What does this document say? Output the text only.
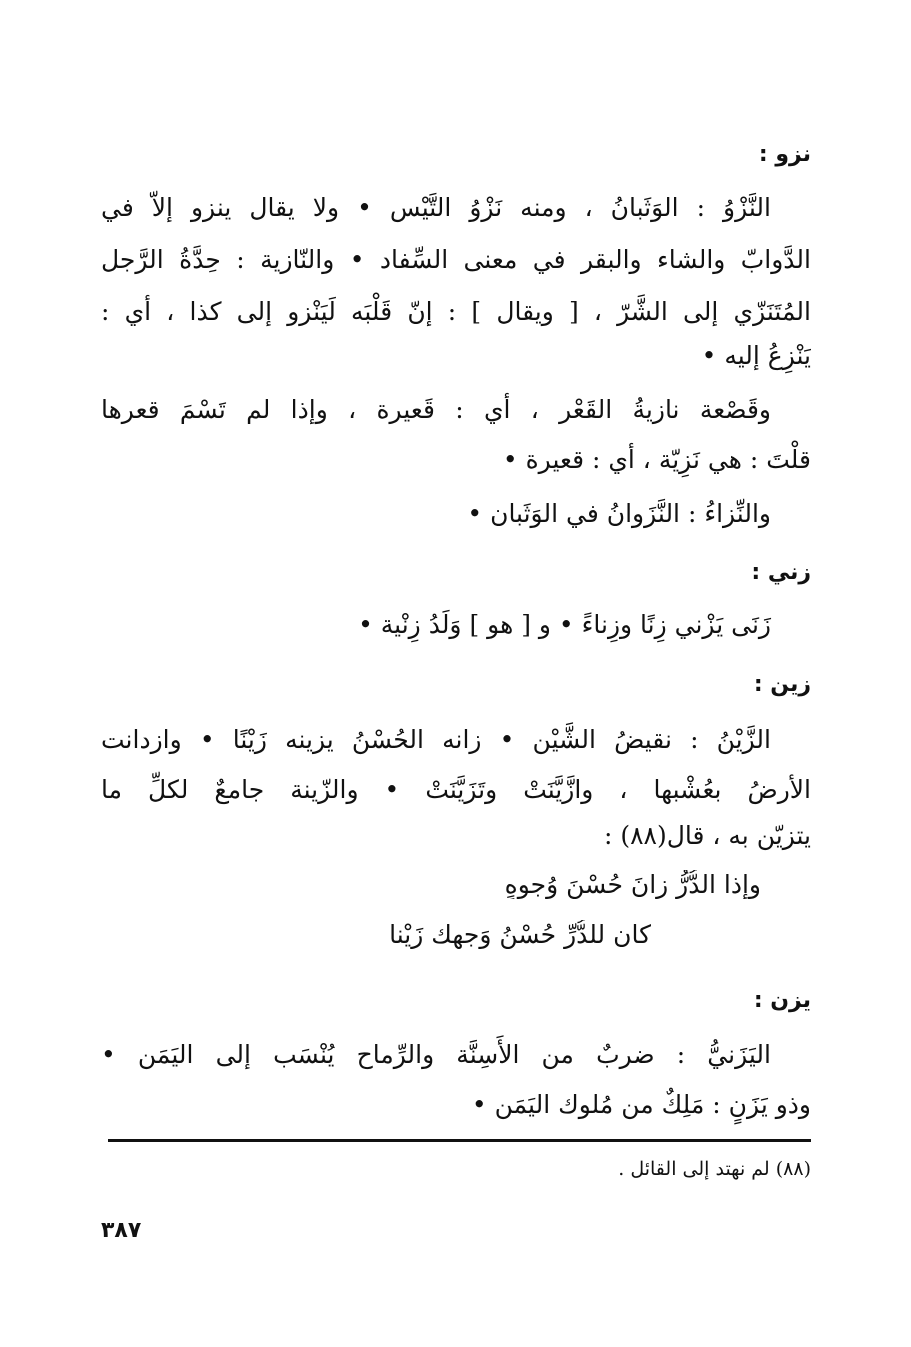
نزو :
النَّزْوُ : الوَثَبانُ ، ومنه نَزْوُ التَّيْس • ولا يقال ينزو إلاّ في
الدَّوابّ والشاء والبقر في معنى السِّفاد • والنّازية : حِدَّةُ الرَّجل
المُتَنَزّي إلى الشَّرّ ، [ ويقال ] : إنّ قَلْبَه لَيَنْزو إلى كذا ، أي :
يَنْزِعُ إليه •
وقَصْعة نازيةُ القَعْر ، أي : قَعيرة ، وإذا لم تَسْمَ قعرها
قلْتَ : هي نَزِيّة ، أي : قعيرة •
والنِّزاءُ : النَّزَوانُ في الوَثَبان •
زني :
زَنَى يَزْني زِنًا وزِناءً • و [ هو ] وَلَدُ زِنْية •
زين :
الزَّيْنُ : نقيضُ الشَّيْن • زانه الحُسْنُ يزينه زَيْنًا • وازدانت
الأرضُ بعُشْبها ، وازَّيَّنَتْ وتَزَيَّنَتْ • والزّينة جامعٌ لكلِّ ما
يتزيّن به ، قال(٨٨) :
وإذا الدُّرُّ زانَ حُسْنَ وُجوهٍ
كان للدُّرِّ حُسْنُ وَجهِك زَيْنا
يزن :
اليَزَنيُّ : ضربٌ من الأَسِنَّة والرِّماح يُنْسَب إلى اليَمَن •
وذو يَزَنٍ : مَلِكٌ من مُلوك اليَمَن •
(٨٨) لم نهتد إلى القائل .
٣٨٧
